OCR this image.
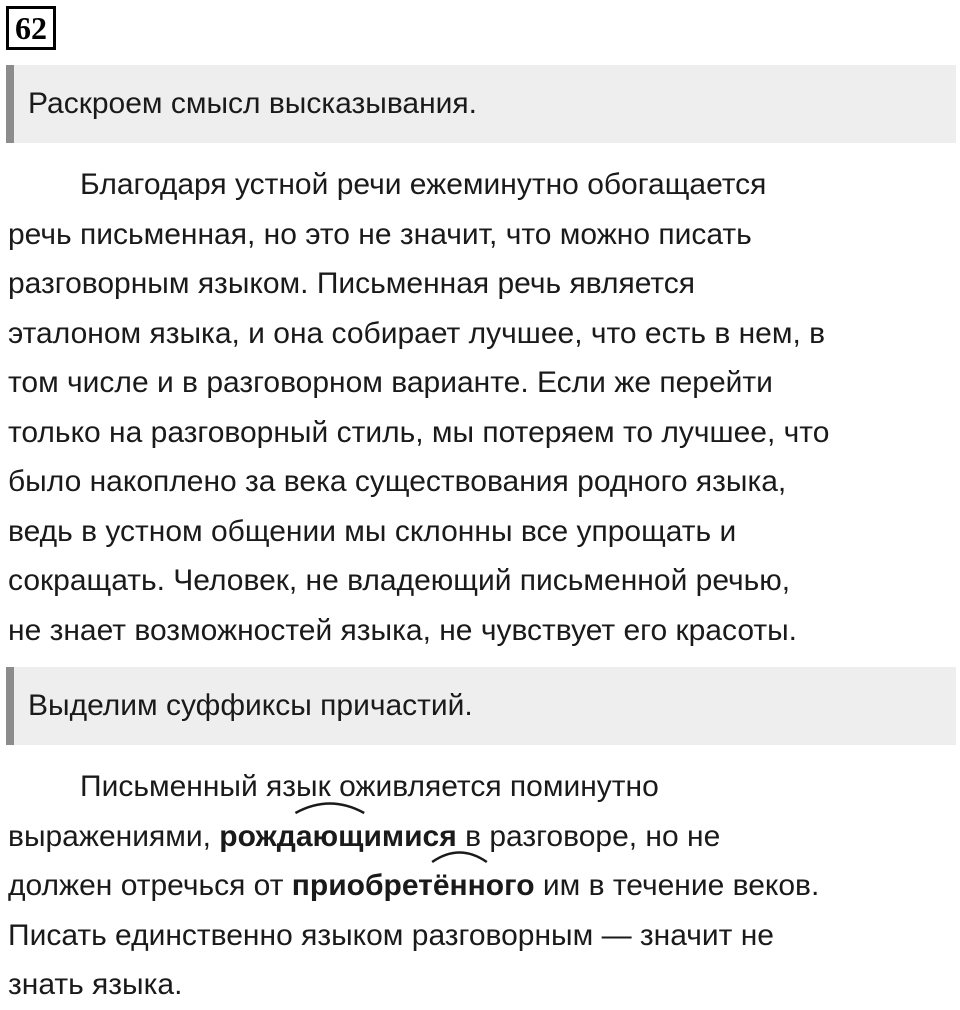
62
Раскроем смысл высказывания.
Благодаря устной речи ежеминутно обогащается
речь письменная, но это не значит, что можно писать
разговорным языком. Письменная речь является
эталоном языка, и она собирает лучшее, что есть в нем, в
том числе и в разговорном варианте. Если же перейти
только на разговорный стиль, мы потеряем то лучшее, что
было накоплено за века существования родного языка,
ведь в устном общении мы склонны все упрощать и
сокращать. Человек, не владеющий письменной речью,
не знает возможностей языка, не чувствует его красоты.
Выделим суффиксы причастий.
Письменный язык оживляется поминутно
выражениями, рожд
ающимися в разговоре, но не
должен отречься от приобрет
ённого им в течение веков.
Писать единственно языком разговорным — значит не
знать языка.
